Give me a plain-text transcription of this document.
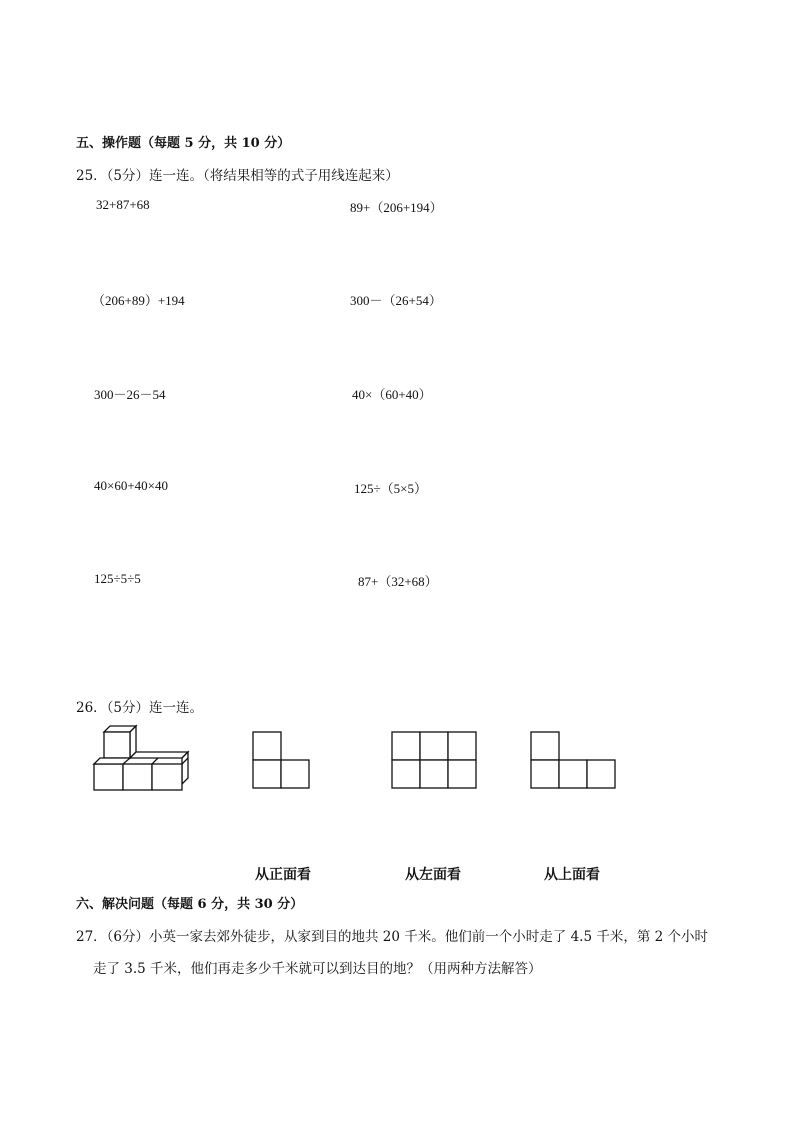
五、操作题（每题 5 分，共 10 分）
25．（5分）连一连。（将结果相等的式子用线连起来）
32+87+68
（206+89）+194
300－26－54
40×60+40×40
125÷5÷5
89+（206+194）
300－（26+54）
40×（60+40）
125÷（5×5）
87+（32+68）
26．（5分）连一连。
从正面看	从左面看	从上面看
六、解决问题（每题 6 分，共 30 分）
27．（6分）小英一家去郊外徒步，从家到目的地共 20 千米。他们前一个小时走了 4.5 千米，第 2 个小时
走了 3.5 千米，他们再走多少千米就可以到达目的地？（用两种方法解答）
